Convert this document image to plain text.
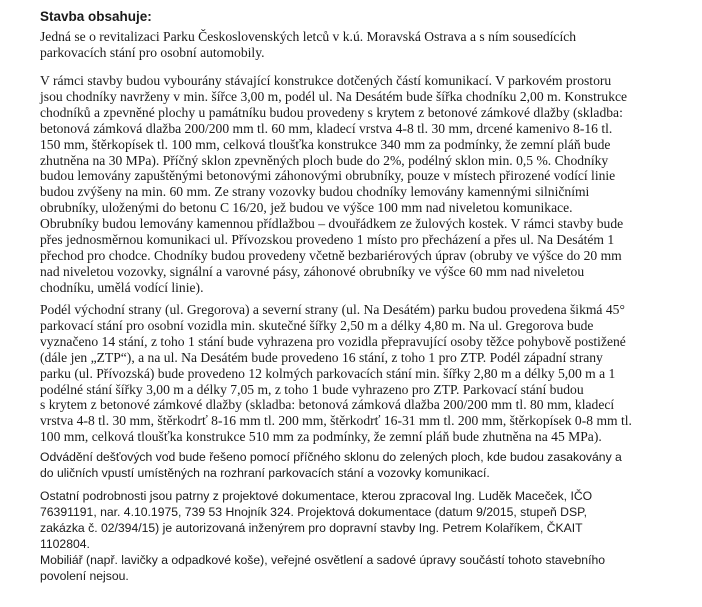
Stavba obsahuje:

Jedná se o revitalizaci Parku Československých letců v k.ú. Moravská Ostrava a s ním sousedících
parkovacích stání pro osobní automobily.

V rámci stavby budou vybourány stávající konstrukce dotčených částí komunikací. V parkovém prostoru
jsou chodníky navrženy v min. šířce 3,00 m, podél ul. Na Desátém bude šířka chodníku 2,00 m. Konstrukce
chodníků a zpevněné plochy u památníku budou provedeny s krytem z betonové zámkové dlažby (skladba:
betonová zámková dlažba 200/200 mm tl. 60 mm, kladecí vrstva 4-8 tl. 30 mm, drcené kamenivo 8-16 tl.
150 mm, štěrkopísek tl. 100 mm, celková tloušťka konstrukce 340 mm za podmínky, že zemní pláň bude
zhutněna na 30 MPa). Příčný sklon zpevněných ploch bude do 2%, podélný sklon min. 0,5 %. Chodníky
budou lemovány zapuštěnými betonovými záhonovými obrubníky, pouze v místech přirozené vodící linie
budou zvýšeny na min. 60 mm. Ze strany vozovky budou chodníky lemovány kamennými silničními
obrubníky, uloženými do betonu C 16/20, jež budou ve výšce 100 mm nad niveletou komunikace.
Obrubníky budou lemovány kamennou přídlažbou – dvouřádkem ze žulových kostek. V rámci stavby bude
přes jednosměrnou komunikaci ul. Přívozskou provedeno 1 místo pro přecházení a přes ul. Na Desátém 1
přechod pro chodce. Chodníky budou provedeny včetně bezbariérových úprav (obruby ve výšce do 20 mm
nad niveletou vozovky, signální a varovné pásy, záhonové obrubníky ve výšce 60 mm nad niveletou
chodníku, umělá vodící linie).

Podél východní strany (ul. Gregorova) a severní strany (ul. Na Desátém) parku budou provedena šikmá 45°
parkovací stání pro osobní vozidla min. skutečné šířky 2,50 m a délky 4,80 m. Na ul. Gregorova bude
vyznačeno 14 stání, z toho 1 stání bude vyhrazena pro vozidla přepravující osoby těžce pohybově postižené
(dále jen „ZTP“), a na ul. Na Desátém bude provedeno 16 stání, z toho 1 pro ZTP. Podél západní strany
parku (ul. Přívozská) bude provedeno 12 kolmých parkovacích stání min. šířky 2,80 m a délky 5,00 m a 1
podélné stání šířky 3,00 m a délky 7,05 m, z toho 1 bude vyhrazeno pro ZTP. Parkovací stání budou
s krytem z betonové zámkové dlažby (skladba: betonová zámková dlažba 200/200 mm tl. 80 mm, kladecí
vrstva 4-8 tl. 30 mm, štěrkodrť 8-16 mm tl. 200 mm, štěrkodrť 16-31 mm tl. 200 mm, štěrkopísek 0-8 mm tl.
100 mm, celková tloušťka konstrukce 510 mm za podmínky, že zemní pláň bude zhutněna na 45 MPa).

Odvádění dešťových vod bude řešeno pomocí příčného sklonu do zelených ploch, kde budou zasakovány a
do uličních vpustí umístěných na rozhraní parkovacích stání a vozovky komunikací.

Ostatní podrobnosti jsou patrny z projektové dokumentace, kterou zpracoval Ing. Luděk Maceček, IČO
76391191, nar. 4.10.1975, 739 53 Hnojník 324. Projektová dokumentace (datum 9/2015, stupeň DSP,
zakázka č. 02/394/15) je autorizovaná inženýrem pro dopravní stavby Ing. Petrem Kolaříkem, ČKAIT
1102804.

Mobiliář (např. lavičky a odpadkové koše), veřejné osvětlení a sadové úpravy součástí tohoto stavebního
povolení nejsou.
